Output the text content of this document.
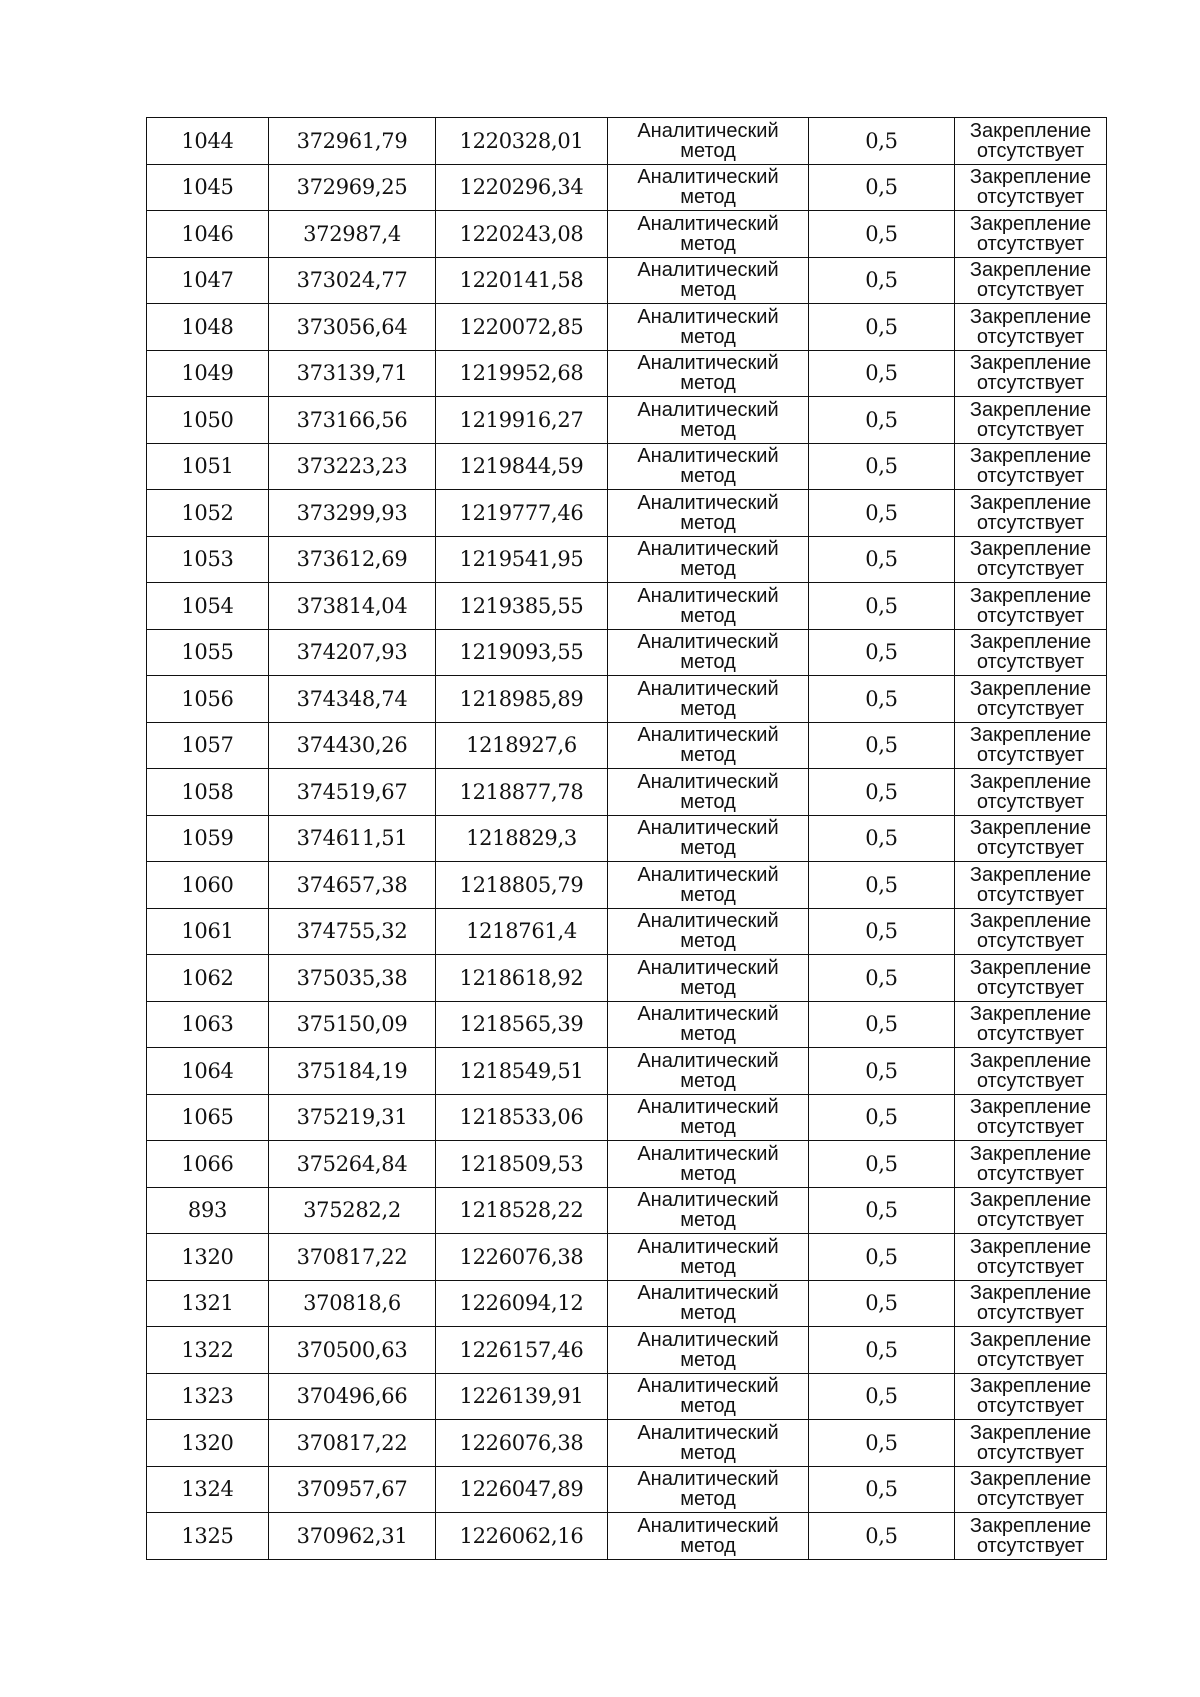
1044	372961,79	1220328,01	Аналитический
метод	0,5	Закрепление
отсутствует

1045	372969,25	1220296,34	Аналитический
метод	0,5	Закрепление
отсутствует

1046	372987,4	1220243,08	Аналитический
метод	0,5	Закрепление
отсутствует

1047	373024,77	1220141,58	Аналитический
метод	0,5	Закрепление
отсутствует

1048	373056,64	1220072,85	Аналитический
метод	0,5	Закрепление
отсутствует

1049	373139,71	1219952,68	Аналитический
метод	0,5	Закрепление
отсутствует

1050	373166,56	1219916,27	Аналитический
метод	0,5	Закрепление
отсутствует

1051	373223,23	1219844,59	Аналитический
метод	0,5	Закрепление
отсутствует

1052	373299,93	1219777,46	Аналитический
метод	0,5	Закрепление
отсутствует

1053	373612,69	1219541,95	Аналитический
метод	0,5	Закрепление
отсутствует

1054	373814,04	1219385,55	Аналитический
метод	0,5	Закрепление
отсутствует

1055	374207,93	1219093,55	Аналитический
метод	0,5	Закрепление
отсутствует

1056	374348,74	1218985,89	Аналитический
метод	0,5	Закрепление
отсутствует

1057	374430,26	1218927,6	Аналитический
метод	0,5	Закрепление
отсутствует

1058	374519,67	1218877,78	Аналитический
метод	0,5	Закрепление
отсутствует

1059	374611,51	1218829,3	Аналитический
метод	0,5	Закрепление
отсутствует

1060	374657,38	1218805,79	Аналитический
метод	0,5	Закрепление
отсутствует

1061	374755,32	1218761,4	Аналитический
метод	0,5	Закрепление
отсутствует

1062	375035,38	1218618,92	Аналитический
метод	0,5	Закрепление
отсутствует

1063	375150,09	1218565,39	Аналитический
метод	0,5	Закрепление
отсутствует

1064	375184,19	1218549,51	Аналитический
метод	0,5	Закрепление
отсутствует

1065	375219,31	1218533,06	Аналитический
метод	0,5	Закрепление
отсутствует

1066	375264,84	1218509,53	Аналитический
метод	0,5	Закрепление
отсутствует

893	375282,2	1218528,22	Аналитический
метод	0,5	Закрепление
отсутствует

1320	370817,22	1226076,38	Аналитический
метод	0,5	Закрепление
отсутствует

1321	370818,6	1226094,12	Аналитический
метод	0,5	Закрепление
отсутствует

1322	370500,63	1226157,46	Аналитический
метод	0,5	Закрепление
отсутствует

1323	370496,66	1226139,91	Аналитический
метод	0,5	Закрепление
отсутствует

1320	370817,22	1226076,38	Аналитический
метод	0,5	Закрепление
отсутствует

1324	370957,67	1226047,89	Аналитический
метод	0,5	Закрепление
отсутствует

1325	370962,31	1226062,16	Аналитический
метод	0,5	Закрепление
отсутствует
